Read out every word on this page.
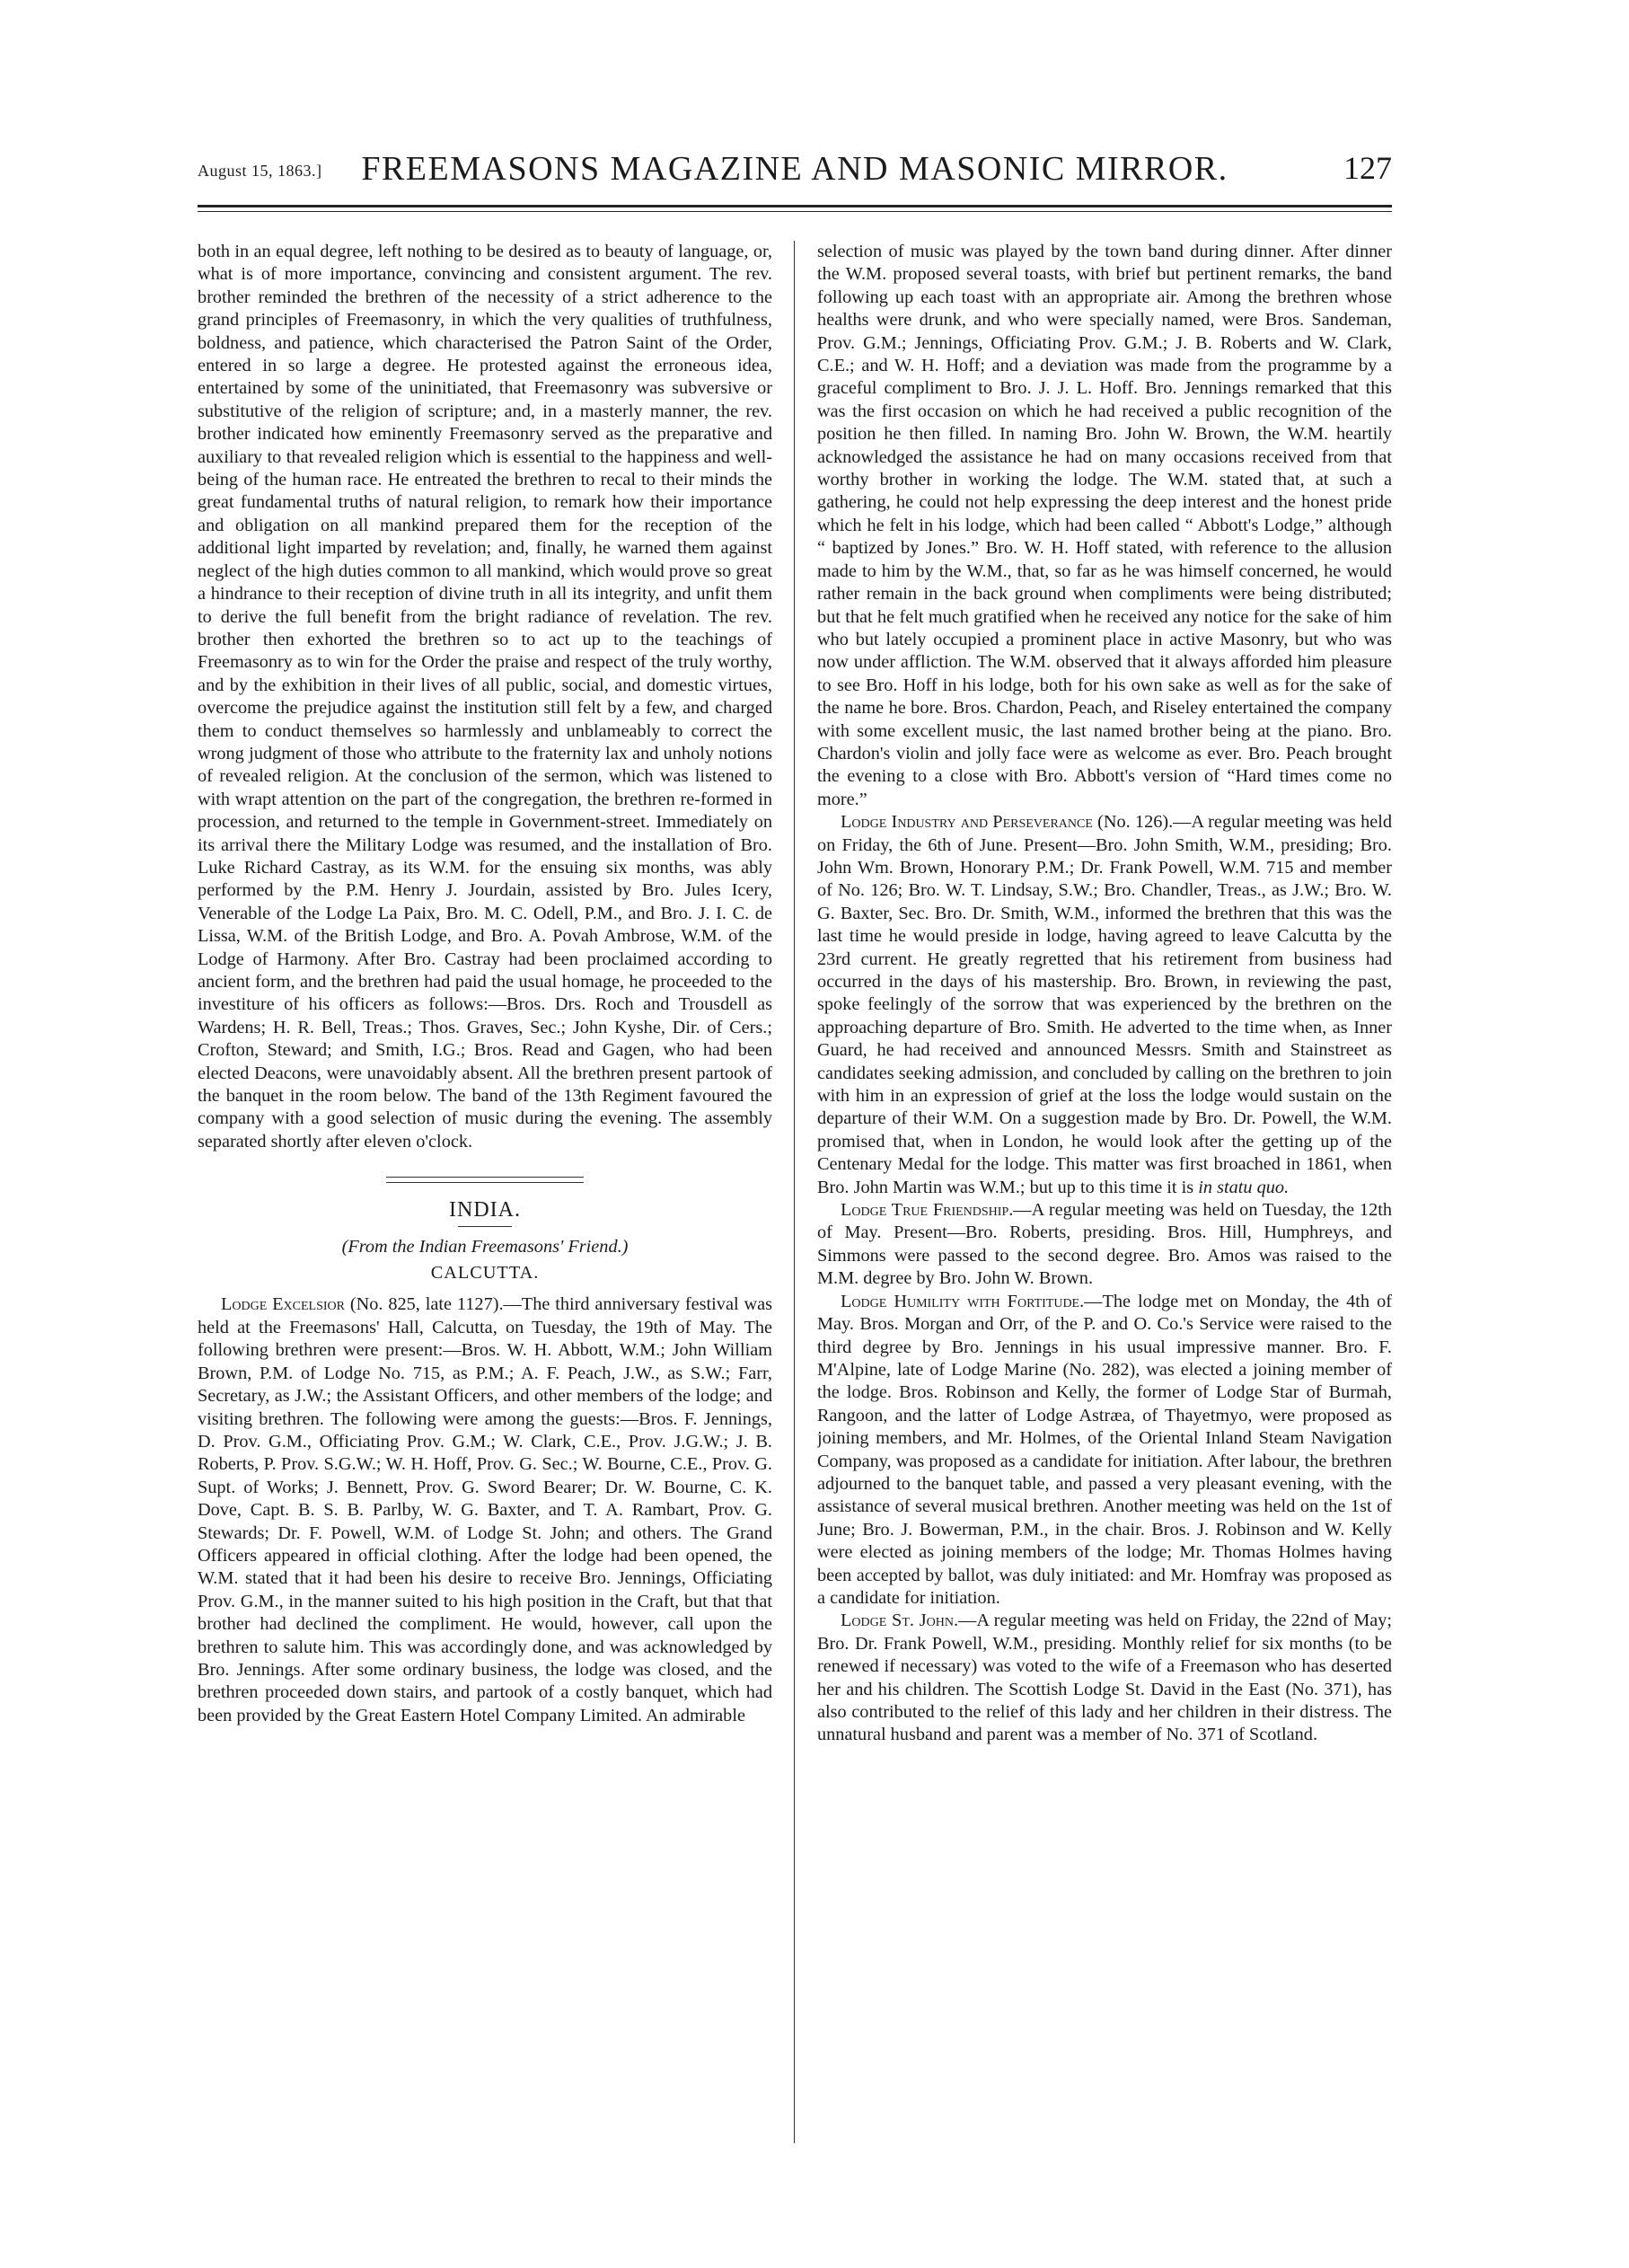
August 15, 1863.]	FREEMASONS MAGAZINE AND MASONIC MIRROR.	127

both in an equal degree, left nothing to be desired as to beauty of language, or, what is of more importance, convincing and consistent argument. The rev. brother reminded the brethren of the necessity of a strict adherence to the grand principles of Freemasonry, in which the very qualities of truthfulness, boldness, and patience, which characterised the Patron Saint of the Order, entered in so large a degree. He protested against the erroneous idea, entertained by some of the uninitiated, that Freemasonry was subversive or substitutive of the religion of scripture; and, in a masterly manner, the rev. brother indicated how eminently Freemasonry served as the preparative and auxiliary to that revealed religion which is essential to the happiness and well-being of the human race. He entreated the brethren to recal to their minds the great fundamental truths of natural religion, to remark how their importance and obligation on all mankind prepared them for the reception of the additional light imparted by revelation; and, finally, he warned them against neglect of the high duties common to all mankind, which would prove so great a hindrance to their reception of divine truth in all its integrity, and unfit them to derive the full benefit from the bright radiance of revelation. The rev. brother then exhorted the brethren so to act up to the teachings of Freemasonry as to win for the Order the praise and respect of the truly worthy, and by the exhibition in their lives of all public, social, and domestic virtues, overcome the prejudice against the institution still felt by a few, and charged them to conduct themselves so harmlessly and unblameably to correct the wrong judgment of those who attribute to the fraternity lax and unholy notions of revealed religion. At the conclusion of the sermon, which was listened to with wrapt attention on the part of the congregation, the brethren re-formed in procession, and returned to the temple in Government-street. Immediately on its arrival there the Military Lodge was resumed, and the installation of Bro. Luke Richard Castray, as its W.M. for the ensuing six months, was ably performed by the P.M. Henry J. Jourdain, assisted by Bro. Jules Icery, Venerable of the Lodge La Paix, Bro. M. C. Odell, P.M., and Bro. J. I. C. de Lissa, W.M. of the British Lodge, and Bro. A. Povah Ambrose, W.M. of the Lodge of Harmony. After Bro. Castray had been proclaimed according to ancient form, and the brethren had paid the usual homage, he proceeded to the investiture of his officers as follows:—Bros. Drs. Roch and Trousdell as Wardens; H. R. Bell, Treas.; Thos. Graves, Sec.; John Kyshe, Dir. of Cers.; Crofton, Steward; and Smith, I.G.; Bros. Read and Gagen, who had been elected Deacons, were unavoidably absent. All the brethren present partook of the banquet in the room below. The band of the 13th Regiment favoured the company with a good selection of music during the evening. The assembly separated shortly after eleven o'clock.

INDIA.
(From the Indian Freemasons' Friend.)
CALCUTTA.

Lodge Excelsior (No. 825, late 1127).—The third anniversary festival was held at the Freemasons' Hall, Calcutta, on Tuesday, the 19th of May. The following brethren were present:—Bros. W. H. Abbott, W.M.; John William Brown, P.M. of Lodge No. 715, as P.M.; A. F. Peach, J.W., as S.W.; Farr, Secretary, as J.W.; the Assistant Officers, and other members of the lodge; and visiting brethren. The following were among the guests:—Bros. F. Jennings, D. Prov. G.M., Officiating Prov. G.M.; W. Clark, C.E., Prov. J.G.W.; J. B. Roberts, P. Prov. S.G.W.; W. H. Hoff, Prov. G. Sec.; W. Bourne, C.E., Prov. G. Supt. of Works; J. Bennett, Prov. G. Sword Bearer; Dr. W. Bourne, C. K. Dove, Capt. B. S. B. Parlby, W. G. Baxter, and T. A. Rambart, Prov. G. Stewards; Dr. F. Powell, W.M. of Lodge St. John; and others. The Grand Officers appeared in official clothing. After the lodge had been opened, the W.M. stated that it had been his desire to receive Bro. Jennings, Officiating Prov. G.M., in the manner suited to his high position in the Craft, but that that brother had declined the compliment. He would, however, call upon the brethren to salute him. This was accordingly done, and was acknowledged by Bro. Jennings. After some ordinary business, the lodge was closed, and the brethren proceeded down stairs, and partook of a costly banquet, which had been provided by the Great Eastern Hotel Company Limited. An admirable

selection of music was played by the town band during dinner. After dinner the W.M. proposed several toasts, with brief but pertinent remarks, the band following up each toast with an appropriate air. Among the brethren whose healths were drunk, and who were specially named, were Bros. Sandeman, Prov. G.M.; Jennings, Officiating Prov. G.M.; J. B. Roberts and W. Clark, C.E.; and W. H. Hoff; and a deviation was made from the programme by a graceful compliment to Bro. J. J. L. Hoff. Bro. Jennings remarked that this was the first occasion on which he had received a public recognition of the position he then filled. In naming Bro. John W. Brown, the W.M. heartily acknowledged the assistance he had on many occasions received from that worthy brother in working the lodge. The W.M. stated that, at such a gathering, he could not help expressing the deep interest and the honest pride which he felt in his lodge, which had been called “ Abbott's Lodge,” although “ baptized by Jones.” Bro. W. H. Hoff stated, with reference to the allusion made to him by the W.M., that, so far as he was himself concerned, he would rather remain in the back ground when compliments were being distributed; but that he felt much gratified when he received any notice for the sake of him who but lately occupied a prominent place in active Masonry, but who was now under affliction. The W.M. observed that it always afforded him pleasure to see Bro. Hoff in his lodge, both for his own sake as well as for the sake of the name he bore. Bros. Chardon, Peach, and Riseley entertained the company with some excellent music, the last named brother being at the piano. Bro. Chardon's violin and jolly face were as welcome as ever. Bro. Peach brought the evening to a close with Bro. Abbott's version of “Hard times come no more.”

Lodge Industry and Perseverance (No. 126).—A regular meeting was held on Friday, the 6th of June. Present—Bro. John Smith, W.M., presiding; Bro. John Wm. Brown, Honorary P.M.; Dr. Frank Powell, W.M. 715 and member of No. 126; Bro. W. T. Lindsay, S.W.; Bro. Chandler, Treas., as J.W.; Bro. W. G. Baxter, Sec. Bro. Dr. Smith, W.M., informed the brethren that this was the last time he would preside in lodge, having agreed to leave Calcutta by the 23rd current. He greatly regretted that his retirement from business had occurred in the days of his mastership. Bro. Brown, in reviewing the past, spoke feelingly of the sorrow that was experienced by the brethren on the approaching departure of Bro. Smith. He adverted to the time when, as Inner Guard, he had received and announced Messrs. Smith and Stainstreet as candidates seeking admission, and concluded by calling on the brethren to join with him in an expression of grief at the loss the lodge would sustain on the departure of their W.M. On a suggestion made by Bro. Dr. Powell, the W.M. promised that, when in London, he would look after the getting up of the Centenary Medal for the lodge. This matter was first broached in 1861, when Bro. John Martin was W.M.; but up to this time it is in statu quo.

Lodge True Friendship.—A regular meeting was held on Tuesday, the 12th of May. Present—Bro. Roberts, presiding. Bros. Hill, Humphreys, and Simmons were passed to the second degree. Bro. Amos was raised to the M.M. degree by Bro. John W. Brown.

Lodge Humility with Fortitude.—The lodge met on Monday, the 4th of May. Bros. Morgan and Orr, of the P. and O. Co.'s Service were raised to the third degree by Bro. Jennings in his usual impressive manner. Bro. F. M'Alpine, late of Lodge Marine (No. 282), was elected a joining member of the lodge. Bros. Robinson and Kelly, the former of Lodge Star of Burmah, Rangoon, and the latter of Lodge Astræa, of Thayetmyo, were proposed as joining members, and Mr. Holmes, of the Oriental Inland Steam Navigation Company, was proposed as a candidate for initiation. After labour, the brethren adjourned to the banquet table, and passed a very pleasant evening, with the assistance of several musical brethren. Another meeting was held on the 1st of June; Bro. J. Bowerman, P.M., in the chair. Bros. J. Robinson and W. Kelly were elected as joining members of the lodge; Mr. Thomas Holmes having been accepted by ballot, was duly initiated: and Mr. Homfray was proposed as a candidate for initiation.

Lodge St. John.—A regular meeting was held on Friday, the 22nd of May; Bro. Dr. Frank Powell, W.M., presiding. Monthly relief for six months (to be renewed if necessary) was voted to the wife of a Freemason who has deserted her and his children. The Scottish Lodge St. David in the East (No. 371), has also contributed to the relief of this lady and her children in their distress. The unnatural husband and parent was a member of No. 371 of Scotland.
